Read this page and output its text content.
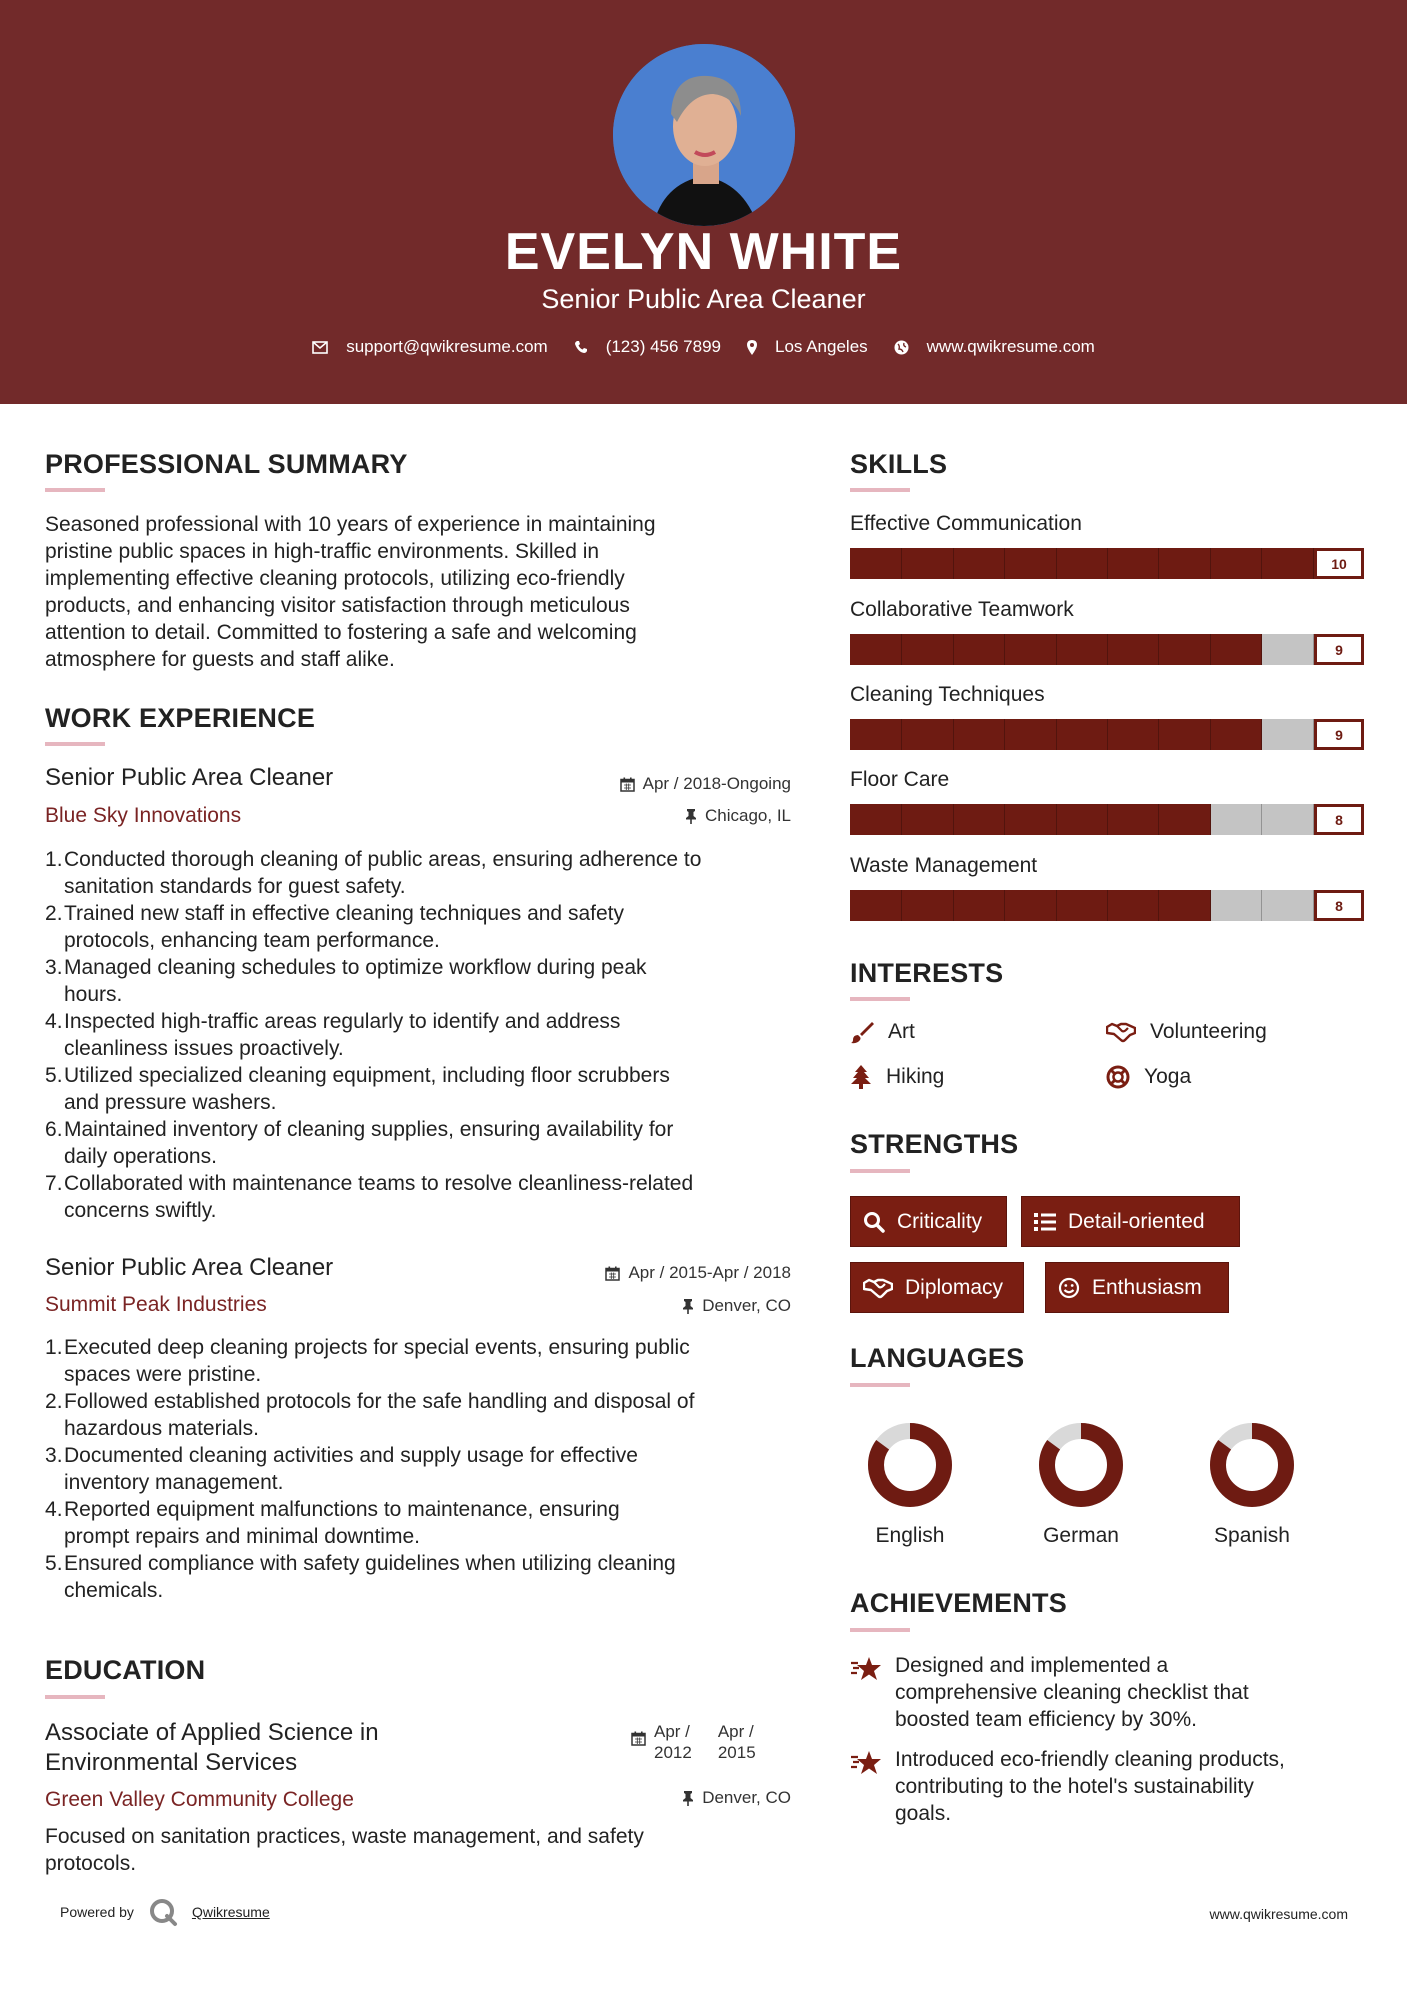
EVELYN WHITE
Senior Public Area Cleaner
support@qwikresume.com	(123) 456 7899	Los Angeles	www.qwikresume.com
PROFESSIONAL SUMMARY
Seasoned professional with 10 years of experience in maintaining
pristine public spaces in high-traffic environments. Skilled in
implementing effective cleaning protocols, utilizing eco-friendly
products, and enhancing visitor satisfaction through meticulous
attention to detail. Committed to fostering a safe and welcoming
atmosphere for guests and staff alike.
WORK EXPERIENCE
Senior Public Area Cleaner
Blue Sky Innovations
Apr / 2018-Ongoing
Chicago, IL
Conducted thorough cleaning of public areas, ensuring adherence to
sanitation standards for guest safety.
Trained new staff in effective cleaning techniques and safety
protocols, enhancing team performance.
Managed cleaning schedules to optimize workflow during peak
hours.
Inspected high-traffic areas regularly to identify and address
cleanliness issues proactively.
Utilized specialized cleaning equipment, including floor scrubbers
and pressure washers.
Maintained inventory of cleaning supplies, ensuring availability for
daily operations.
Collaborated with maintenance teams to resolve cleanliness-related
concerns swiftly.
Senior Public Area Cleaner
Summit Peak Industries
Apr / 2015-Apr / 2018
Denver, CO
Executed deep cleaning projects for special events, ensuring public
spaces were pristine.
Followed established protocols for the safe handling and disposal of
hazardous materials.
Documented cleaning activities and supply usage for effective
inventory management.
Reported equipment malfunctions to maintenance, ensuring
prompt repairs and minimal downtime.
Ensured compliance with safety guidelines when utilizing cleaning
chemicals.
EDUCATION
Associate of Applied Science in
Environmental Services
Green Valley Community College
Apr /
2012
Apr /
2015
Denver, CO
Focused on sanitation practices, waste management, and safety
protocols.
SKILLS
Effective Communication
10
Collaborative Teamwork
9
Cleaning Techniques
9
Floor Care
8
Waste Management
8
INTERESTS
Art	Volunteering
Hiking	Yoga
STRENGTHS
Criticality	Detail-oriented
Diplomacy	Enthusiasm
LANGUAGES
English	German	Spanish
ACHIEVEMENTS
Designed and implemented a
comprehensive cleaning checklist that
boosted team efficiency by 30%.
Introduced eco-friendly cleaning products,
contributing to the hotel's sustainability
goals.
Powered by	Qwikresume	www.qwikresume.com
